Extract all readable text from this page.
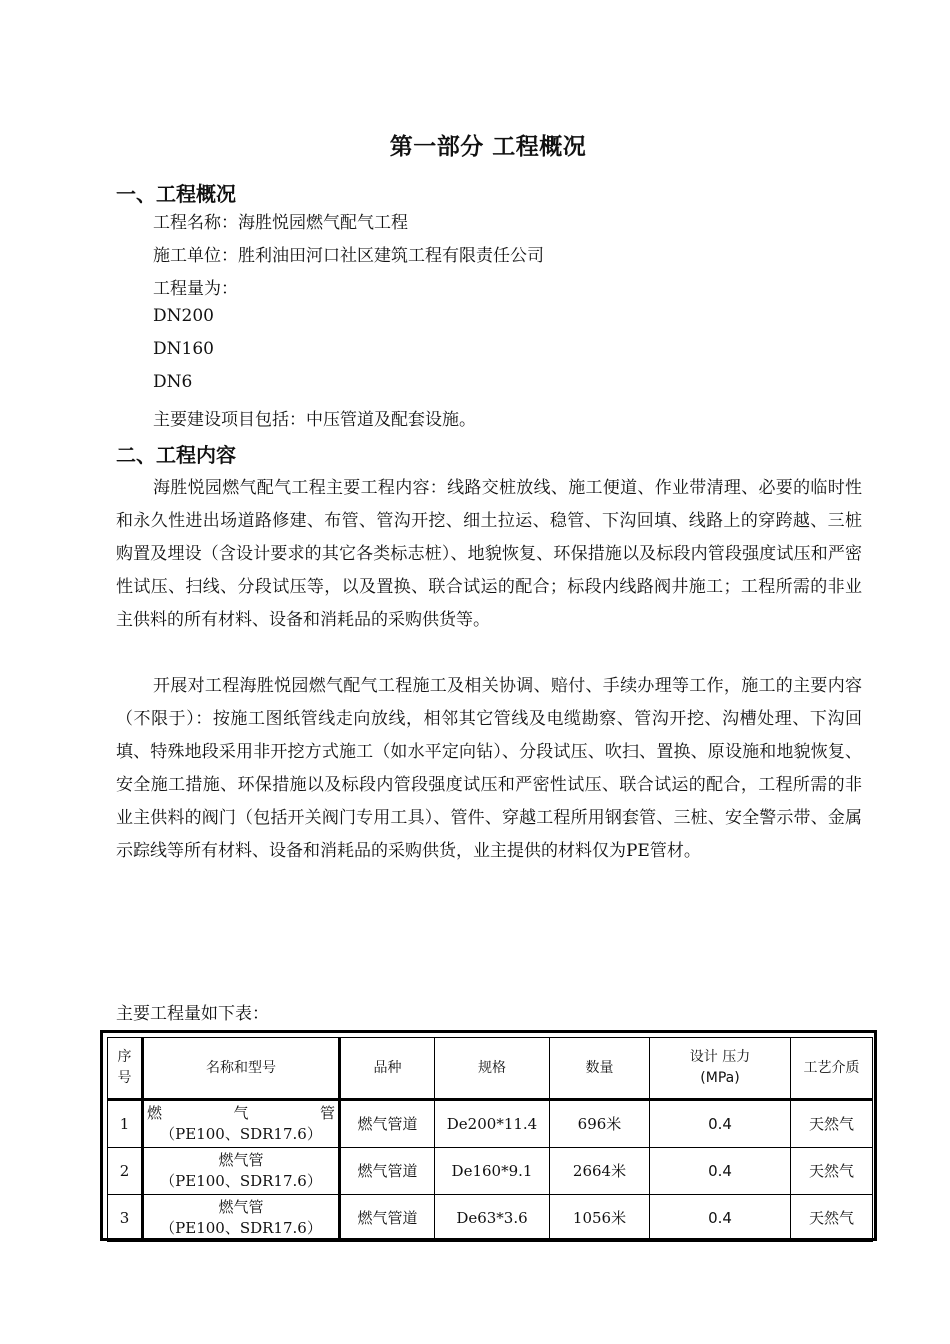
第一部分 工程概况
一、工程概况
工程名称：海胜悦园燃气配气工程
施工单位：胜利油田河口社区建筑工程有限责任公司
工程量为：
DN200
DN160
DN6
主要建设项目包括：中压管道及配套设施。
二、工程内容
海胜悦园燃气配气工程主要工程内容：线路交桩放线、施工便道、作业带清理、必要的临时性和永久性进出场道路修建、布管、管沟开挖、细土拉运、稳管、下沟回填、线路上的穿跨越、三桩购置及埋设（含设计要求的其它各类标志桩）、地貌恢复、环保措施以及标段内管段强度试压和严密性试压、扫线、分段试压等，以及置换、联合试运的配合；标段内线路阀井施工；工程所需的非业主供料的所有材料、设备和消耗品的采购供货等。
开展对工程海胜悦园燃气配气工程施工及相关协调、赔付、手续办理等工作，施工的主要内容（不限于）：按施工图纸管线走向放线，相邻其它管线及电缆勘察、管沟开挖、沟槽处理、下沟回填、特殊地段采用非开挖方式施工（如水平定向钻）、分段试压、吹扫、置换、原设施和地貌恢复、安全施工措施、环保措施以及标段内管段强度试压和严密性试压、联合试运的配合，工程所需的非业主供料的阀门（包括开关阀门专用工具）、管件、穿越工程所用钢套管、三桩、安全警示带、金属示踪线等所有材料、设备和消耗品的采购供货，业主提供的材料仅为PE管材。
主要工程量如下表：
序号	名称和型号	品种	规格	数量	设计 压力
(MPa)	工艺介质
1	燃气管
（PE100、SDR17.6）	燃气管道	De200*11.4	696米	0.4	天然气
2	燃气管
（PE100、SDR17.6）	燃气管道	De160*9.1	2664米	0.4	天然气
3	燃气管
（PE100、SDR17.6）	燃气管道	De63*3.6	1056米	0.4	天然气
